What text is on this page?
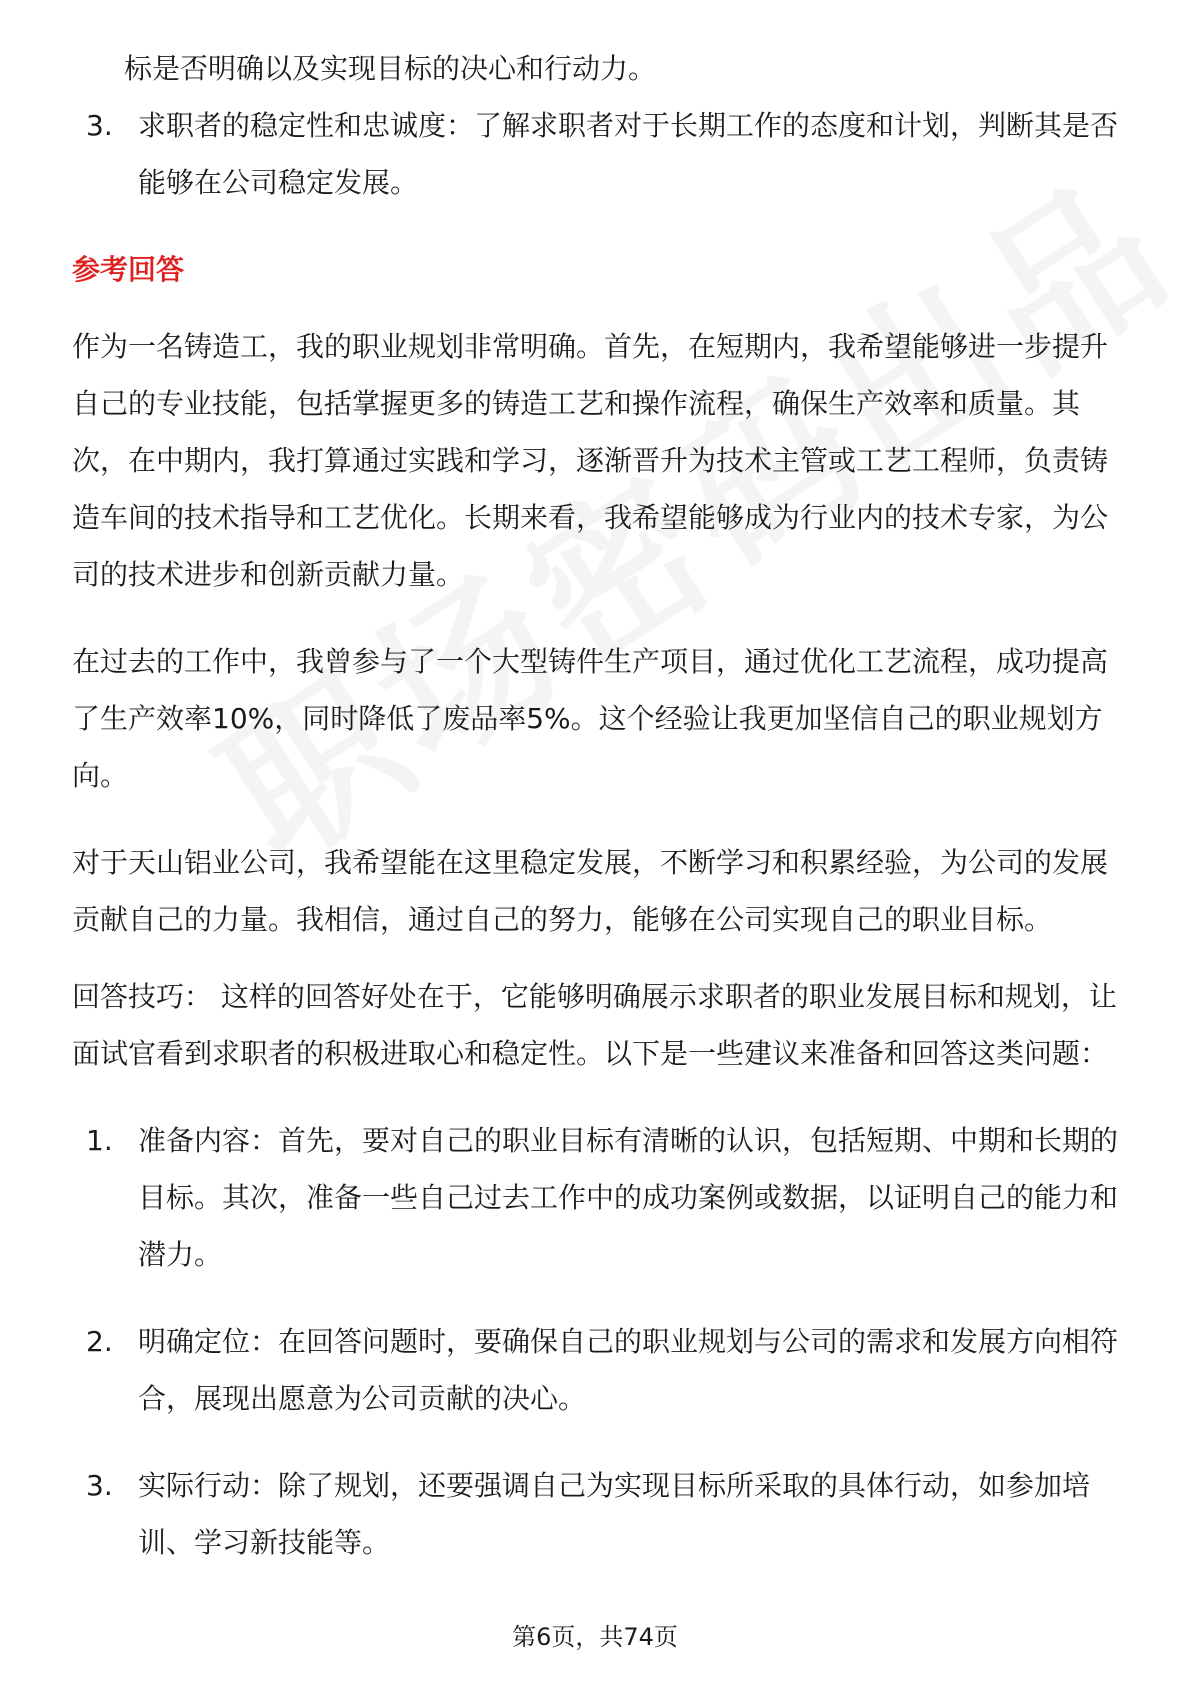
标是否明确以及实现目标的决心和行动力。

3. 求职者的稳定性和忠诚度：了解求职者对于长期工作的态度和计划，判断其是否能够在公司稳定发展。

参考回答

作为一名铸造工，我的职业规划非常明确。首先，在短期内，我希望能够进一步提升自己的专业技能，包括掌握更多的铸造工艺和操作流程，确保生产效率和质量。其次，在中期内，我打算通过实践和学习，逐渐晋升为技术主管或工艺工程师，负责铸造车间的技术指导和工艺优化。长期来看，我希望能够成为行业内的技术专家，为公司的技术进步和创新贡献力量。

在过去的工作中，我曾参与了一个大型铸件生产项目，通过优化工艺流程，成功提高了生产效率10%，同时降低了废品率5%。这个经验让我更加坚信自己的职业规划方向。

对于天山铝业公司，我希望能在这里稳定发展，不断学习和积累经验，为公司的发展贡献自己的力量。我相信，通过自己的努力，能够在公司实现自己的职业目标。

回答技巧： 这样的回答好处在于，它能够明确展示求职者的职业发展目标和规划，让面试官看到求职者的积极进取心和稳定性。以下是一些建议来准备和回答这类问题：

1. 准备内容：首先，要对自己的职业目标有清晰的认识，包括短期、中期和长期的目标。其次，准备一些自己过去工作中的成功案例或数据，以证明自己的能力和潜力。
2. 明确定位：在回答问题时，要确保自己的职业规划与公司的需求和发展方向相符合，展现出愿意为公司贡献的决心。
3. 实际行动：除了规划，还要强调自己为实现目标所采取的具体行动，如参加培训、学习新技能等。
第6页，共74页
